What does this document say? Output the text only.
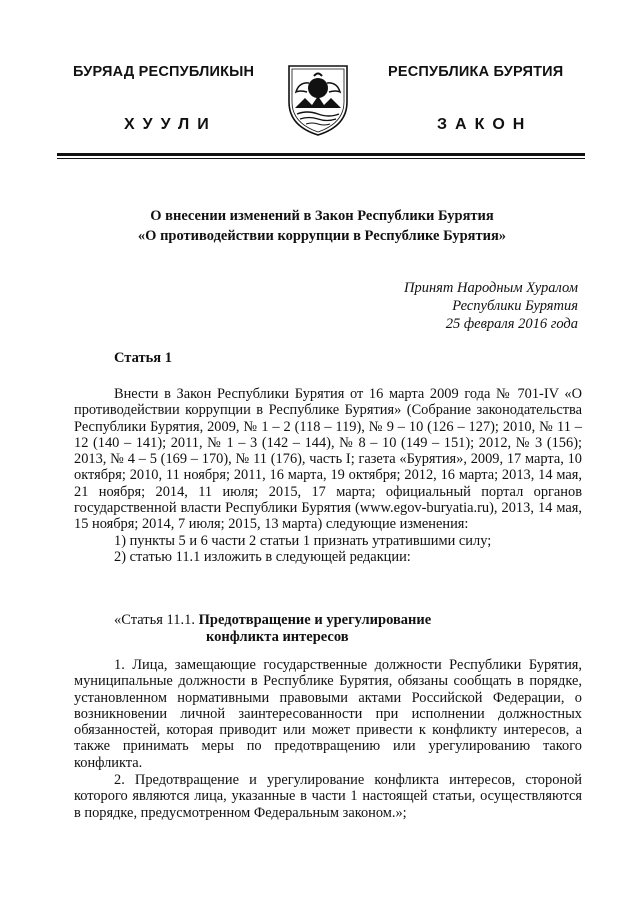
БУРЯАД РЕСПУБЛИКЫН	РЕСПУБЛИКА БУРЯТИЯ
ХУУЛИ	ЗАКОН
О внесении изменений в Закон Республики Бурятия
«О противодействии коррупции в Республике Бурятия»
Принят Народным Хуралом
Республики Бурятия
25 февраля 2016 года
Статья 1

Внести в Закон Республики Бурятия от 16 марта 2009 года № 701-IV «О противодействии коррупции в Республике Бурятия» (Собрание законодательства Республики Бурятия, 2009, № 1 – 2 (118 – 119), № 9 – 10 (126 – 127); 2010, № 11 – 12 (140 – 141); 2011, № 1 – 3 (142 – 144), № 8 – 10 (149 – 151); 2012, № 3 (156); 2013, № 4 – 5 (169 – 170), № 11 (176), часть I; газета «Бурятия», 2009, 17 марта, 10 октября; 2010, 11 ноября; 2011, 16 марта, 19 октября; 2012, 16 марта; 2013, 14 мая, 21 ноября; 2014, 11 июля; 2015, 17 марта; официальный портал органов государственной власти Республики Бурятия (www.egov-buryatia.ru), 2013, 14 мая, 15 ноября; 2014, 7 июля; 2015, 13 марта) следующие изменения:

1) пункты 5 и 6 части 2 статьи 1 признать утратившими силу;

2) статью 11.1 изложить в следующей редакции:

«Статья 11.1. Предотвращение и урегулирование
конфликта интересов

1. Лица, замещающие государственные должности Республики Бурятия, муниципальные должности в Республике Бурятия, обязаны сообщать в порядке, установленном нормативными правовыми актами Российской Федерации, о возникновении личной заинтересованности при исполнении должностных обязанностей, которая приводит или может привести к конфликту интересов, а также принимать меры по предотвращению или урегулированию такого конфликта.

2. Предотвращение и урегулирование конфликта интересов, стороной которого являются лица, указанные в части 1 настоящей статьи, осуществляются в порядке, предусмотренном Федеральным законом.»;
